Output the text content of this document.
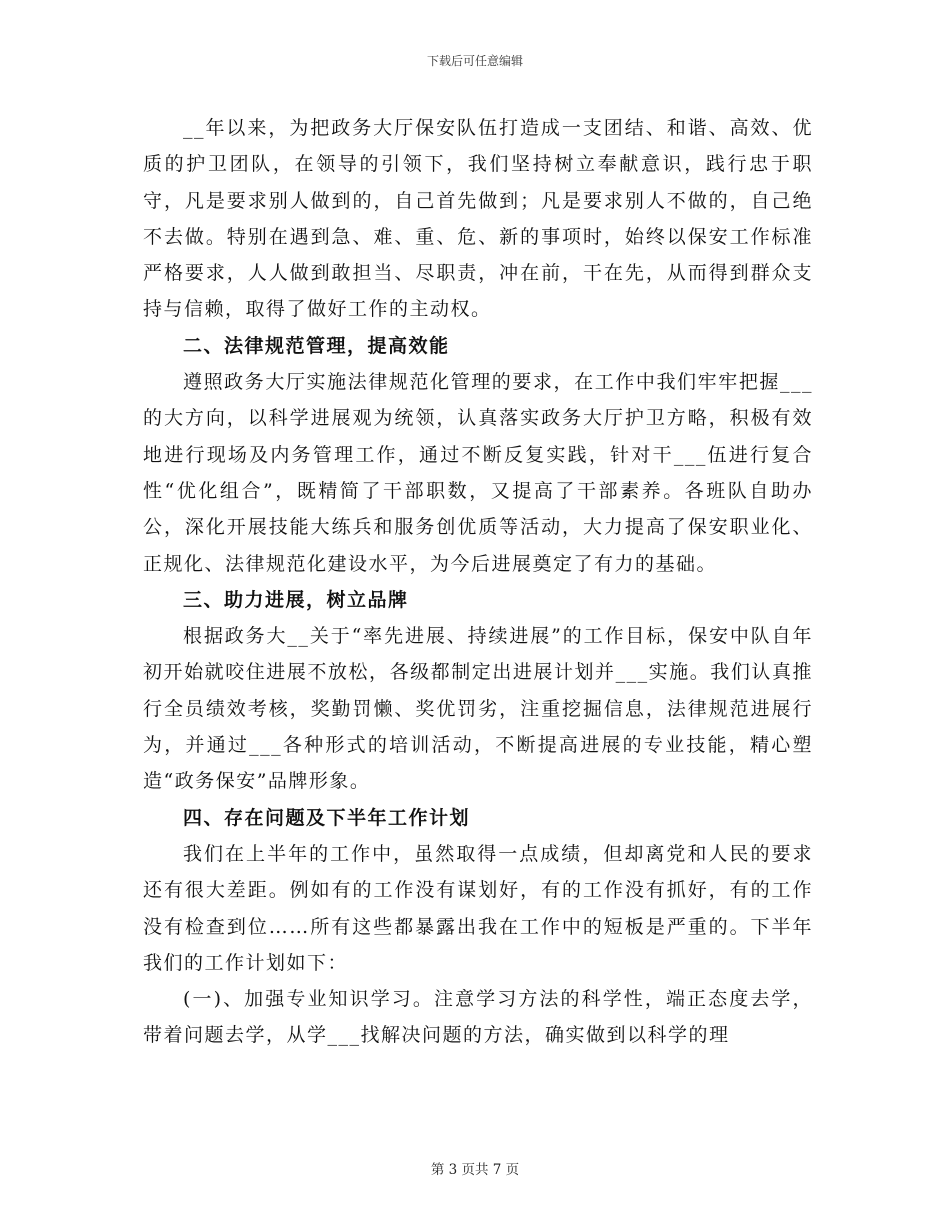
下载后可任意编辑

__年以来，为把政务大厅保安队伍打造成一支团结、和谐、高效、优质的护卫团队，在领导的引领下，我们坚持树立奉献意识，践行忠于职守，凡是要求别人做到的，自己首先做到；凡是要求别人不做的，自己绝不去做。特别在遇到急、难、重、危、新的事项时，始终以保安工作标准严格要求，人人做到敢担当、尽职责，冲在前，干在先，从而得到群众支持与信赖，取得了做好工作的主动权。

二、法律规范管理，提高效能

遵照政务大厅实施法律规范化管理的要求，在工作中我们牢牢把握___的大方向，以科学进展观为统领，认真落实政务大厅护卫方略，积极有效地进行现场及内务管理工作，通过不断反复实践，针对干___伍进行复合性“优化组合”，既精简了干部职数，又提高了干部素养。各班队自助办公，深化开展技能大练兵和服务创优质等活动，大力提高了保安职业化、正规化、法律规范化建设水平，为今后进展奠定了有力的基础。

三、助力进展，树立品牌

根据政务大__关于“率先进展、持续进展”的工作目标，保安中队自年初开始就咬住进展不放松，各级都制定出进展计划并___实施。我们认真推行全员绩效考核，奖勤罚懒、奖优罚劣，注重挖掘信息，法律规范进展行为，并通过___各种形式的培训活动，不断提高进展的专业技能，精心塑造“政务保安”品牌形象。

四、存在问题及下半年工作计划

我们在上半年的工作中，虽然取得一点成绩，但却离党和人民的要求还有很大差距。例如有的工作没有谋划好，有的工作没有抓好，有的工作没有检查到位……所有这些都暴露出我在工作中的短板是严重的。下半年我们的工作计划如下：

(一)、加强专业知识学习。注意学习方法的科学性，端正态度去学，带着问题去学，从学___找解决问题的方法，确实做到以科学的理

第 3 页共 7 页
